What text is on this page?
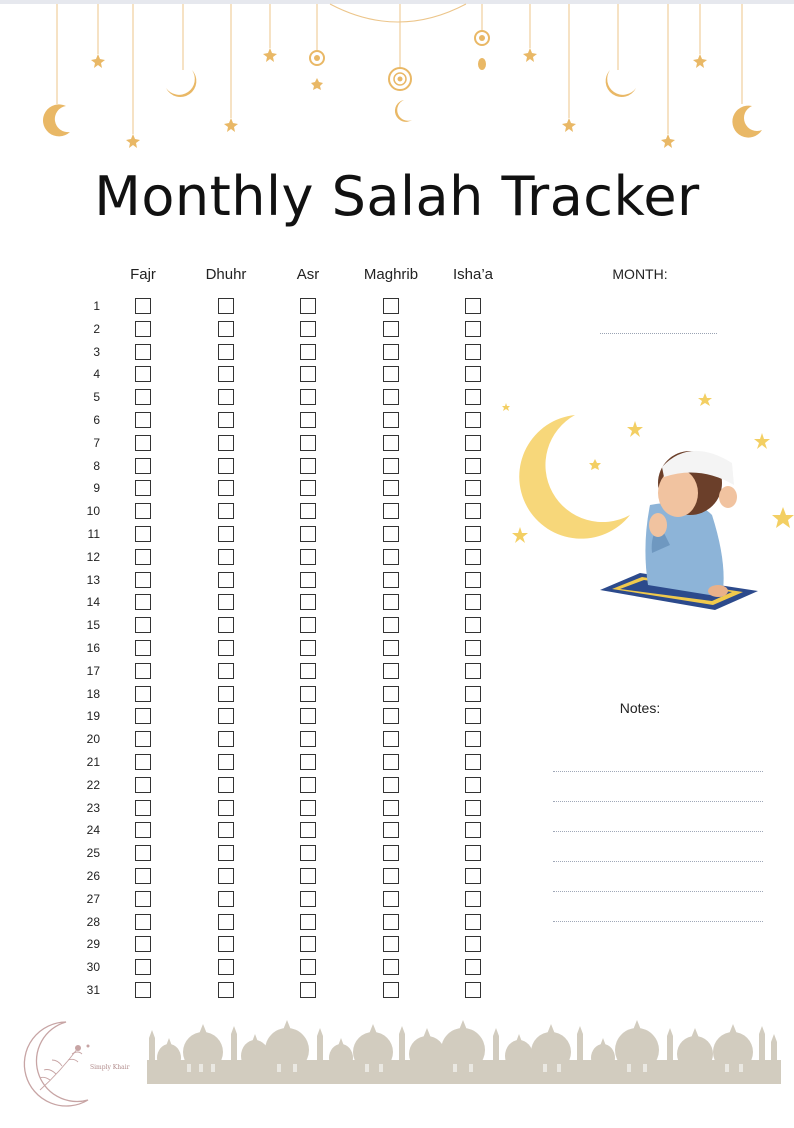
Monthly Salah Tracker
Fajr	Dhuhr	Asr	Maghrib	Isha’a
1
2
3
4
5
6
7
8
9
10
11
12
13
14
15
16
17
18
19
20
21
22
23
24
25
26
27
28
29
30
31
MONTH:
Notes:
Simply Khair
